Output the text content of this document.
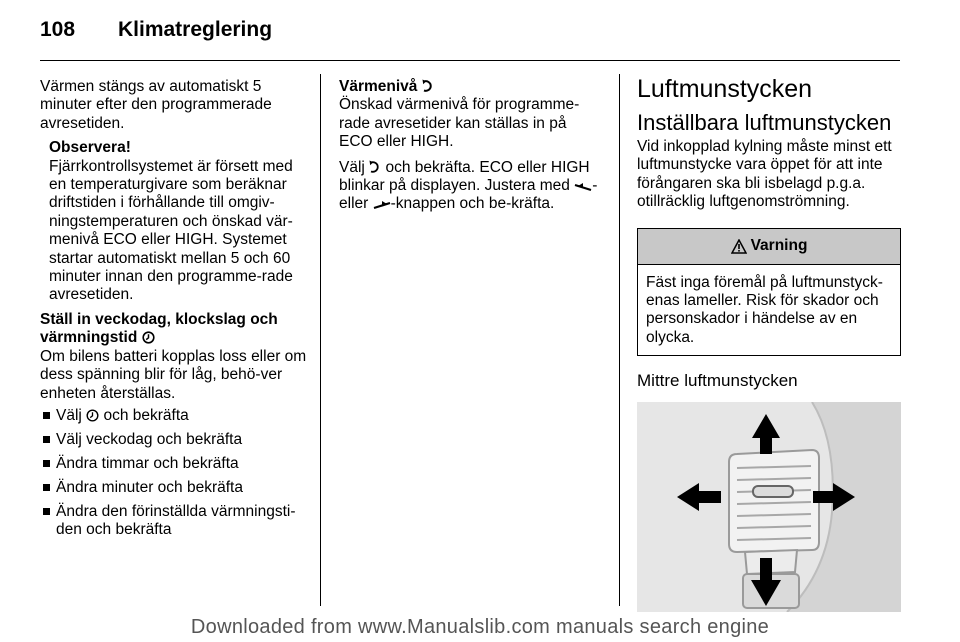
108	Klimatreglering

Värmen stängs av automatiskt 5 minuter efter den programmerade avresetiden.

Observera!

Fjärrkontrollsystemet är försett med en temperaturgivare som beräknar driftstiden i förhållande till omgiv-ningstemperaturen och önskad vär-menivå ECO eller HIGH. Systemet startar automatiskt mellan 5 och 60 minuter innan den programme-rade avresetiden.

Ställ in veckodag, klockslag och värmningstid

Om bilens batteri kopplas loss eller om dess spänning blir för låg, behö-ver enheten återställas.

Välj  och bekräfta
Välj veckodag och bekräfta
Ändra timmar och bekräfta
Ändra minuter och bekräfta
Ändra den förinställda värmningsti-den och bekräfta

Värmenivå

Önskad värmenivå för programme-rade avresetider kan ställas in på ECO eller HIGH.

Välj  och bekräfta. ECO eller HIGH blinkar på displayen. Justera med - eller -knappen och be-kräfta.

Luftmunstycken
Inställbara luftmunstycken

Vid inkopplad kylning måste minst ett luftmunstycke vara öppet för att inte förångaren ska bli isbelagd p.g.a. otillräcklig luftgenomströmning.

Varning
Fäst inga föremål på luftmunstyck-enas lameller. Risk för skador och personskador i händelse av en olycka.
Mittre luftmunstycken
Downloaded from www.Manualslib.com manuals search engine
